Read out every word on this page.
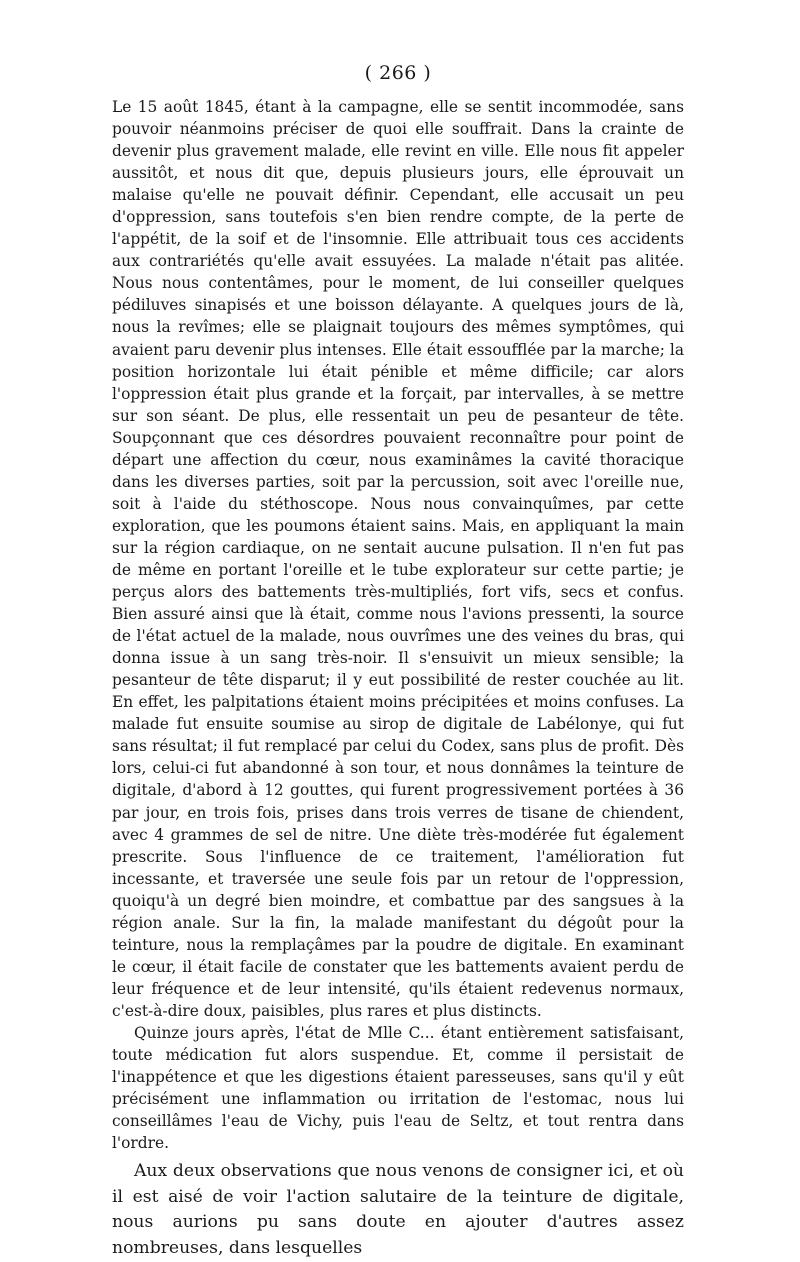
( 266 )

Le 15 août 1845, étant à la campagne, elle se sentit incommodée, sans pouvoir néanmoins préciser de quoi elle souffrait. Dans la crainte de devenir plus gravement malade, elle revint en ville. Elle nous fit appeler aussitôt, et nous dit que, depuis plusieurs jours, elle éprouvait un malaise qu'elle ne pouvait définir. Cependant, elle accusait un peu d'oppression, sans toutefois s'en bien rendre compte, de la perte de l'appétit, de la soif et de l'insomnie. Elle attribuait tous ces accidents aux contrariétés qu'elle avait essuyées. La malade n'était pas alitée. Nous nous contentâmes, pour le moment, de lui conseiller quelques pédiluves sinapisés et une boisson délayante. A quelques jours de là, nous la revîmes; elle se plaignait toujours des mêmes symptômes, qui avaient paru devenir plus intenses. Elle était essoufflée par la marche; la position horizontale lui était pénible et même difficile; car alors l'oppression était plus grande et la forçait, par intervalles, à se mettre sur son séant. De plus, elle ressentait un peu de pesanteur de tête. Soupçonnant que ces désordres pouvaient reconnaître pour point de départ une affection du cœur, nous examinâmes la cavité thoracique dans les diverses parties, soit par la percussion, soit avec l'oreille nue, soit à l'aide du stéthoscope. Nous nous convainquîmes, par cette exploration, que les poumons étaient sains. Mais, en appliquant la main sur la région cardiaque, on ne sentait aucune pulsation. Il n'en fut pas de même en portant l'oreille et le tube explorateur sur cette partie; je perçus alors des battements très-multipliés, fort vifs, secs et confus. Bien assuré ainsi que là était, comme nous l'avions pressenti, la source de l'état actuel de la malade, nous ouvrîmes une des veines du bras, qui donna issue à un sang très-noir. Il s'ensuivit un mieux sensible; la pesanteur de tête disparut; il y eut possibilité de rester couchée au lit. En effet, les palpitations étaient moins précipitées et moins confuses. La malade fut ensuite soumise au sirop de digitale de Labélonye, qui fut sans résultat; il fut remplacé par celui du Codex, sans plus de profit. Dès lors, celui-ci fut abandonné à son tour, et nous donnâmes la teinture de digitale, d'abord à 12 gouttes, qui furent progressivement portées à 36 par jour, en trois fois, prises dans trois verres de tisane de chiendent, avec 4 grammes de sel de nitre. Une diète très-modérée fut également prescrite. Sous l'influence de ce traitement, l'amélioration fut incessante, et traversée une seule fois par un retour de l'oppression, quoiqu'à un degré bien moindre, et combattue par des sangsues à la région anale. Sur la fin, la malade manifestant du dégoût pour la teinture, nous la remplaçâmes par la poudre de digitale. En examinant le cœur, il était facile de constater que les battements avaient perdu de leur fréquence et de leur intensité, qu'ils étaient redevenus normaux, c'est-à-dire doux, paisibles, plus rares et plus distincts.

Quinze jours après, l'état de Mlle C... étant entièrement satisfaisant, toute médication fut alors suspendue. Et, comme il persistait de l'inappétence et que les digestions étaient paresseuses, sans qu'il y eût précisément une inflammation ou irritation de l'estomac, nous lui conseillâmes l'eau de Vichy, puis l'eau de Seltz, et tout rentra dans l'ordre.

Aux deux observations que nous venons de consigner ici, et où il est aisé de voir l'action salutaire de la teinture de digitale, nous aurions pu sans doute en ajouter d'autres assez nombreuses, dans lesquelles
